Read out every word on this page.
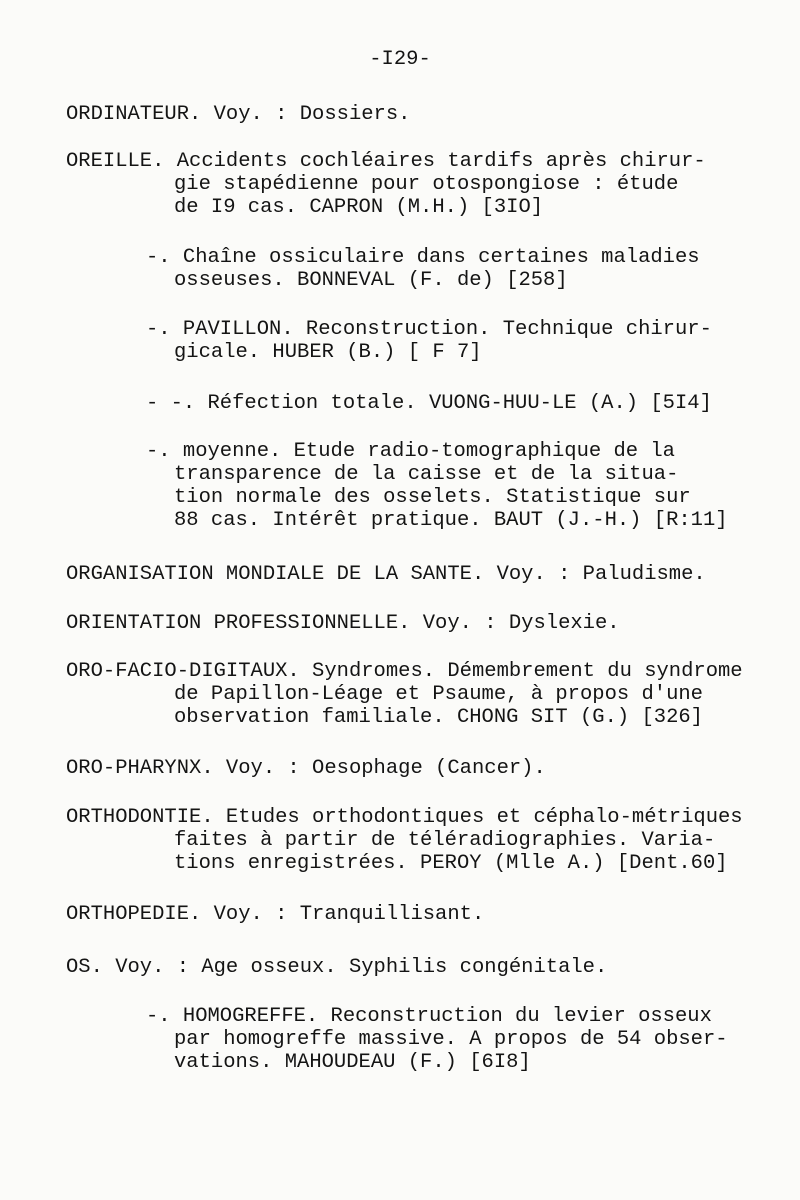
-I29-
ORDINATEUR. Voy. : Dossiers.
OREILLE. Accidents cochléaires tardifs après chirur-
gie stapédienne pour otospongiose : étude
de I9 cas. CAPRON (M.H.) [3IO]
-. Chaîne ossiculaire dans certaines maladies
osseuses. BONNEVAL (F. de) [258]
-. PAVILLON. Reconstruction. Technique chirur-
gicale. HUBER (B.) [ F 7]
- -. Réfection totale. VUONG-HUU-LE (A.) [5I4]
-. moyenne. Etude radio-tomographique de la
transparence de la caisse et de la situa-
tion normale des osselets. Statistique sur
88 cas. Intérêt pratique. BAUT (J.-H.) [R:11]
ORGANISATION MONDIALE DE LA SANTE. Voy. : Paludisme.
ORIENTATION PROFESSIONNELLE. Voy. : Dyslexie.
ORO-FACIO-DIGITAUX. Syndromes. Démembrement du syndrome
de Papillon-Léage et Psaume, à propos d'une
observation familiale. CHONG SIT (G.) [326]
ORO-PHARYNX. Voy. : Oesophage (Cancer).
ORTHODONTIE. Etudes orthodontiques et céphalo-métriques
faites à partir de téléradiographies. Varia-
tions enregistrées. PEROY (Mlle A.) [Dent.60]
ORTHOPEDIE. Voy. : Tranquillisant.
OS. Voy. : Age osseux. Syphilis congénitale.
-. HOMOGREFFE. Reconstruction du levier osseux
par homogreffe massive. A propos de 54 obser-
vations. MAHOUDEAU (F.) [6I8]
